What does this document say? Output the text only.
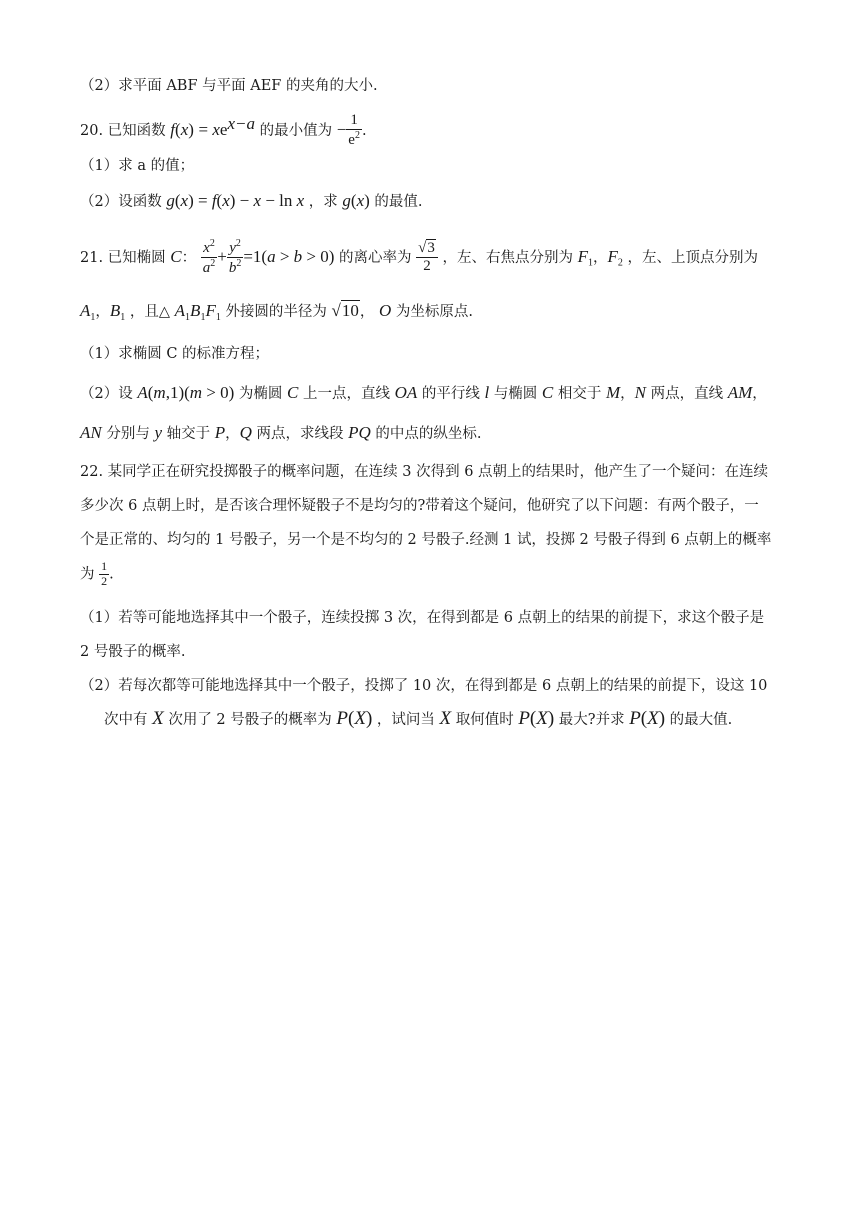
（2）求平面 ABF 与平面 AEF 的夹角的大小.
20. 已知函数 $f(x) = xe^{x-a}$ 的最小值为 − $\frac{1}{e^2}$ .
（1）求 a 的值；
（2）设函数 g(x) = f(x) − x − ln x ，求 g(x) 的最值.
21. 已知椭圆 C： $\frac{x^2}{a^2} + \frac{y^2}{b^2} =1(a > b > 0)$ 的离心率为 $\frac{√3}{2}$ ，左、右焦点分别为 $F_1$，$F_2$ ，左、上顶点分别为
$A_1$，$B_1$ ，且△ $A_1B_1F_1$ 外接圆的半径为 √10， O 为坐标原点.
（1）求椭圆 C 的标准方程；
（2）设 A(m,1)(m > 0) 为椭圆 C 上一点，直线 OA 的平行线 l 与椭圆 C 相交于 M，N 两点，直线 AM，
AN 分别与 y 轴交于 P，Q 两点，求线段 PQ 的中点的纵坐标.
22. 某同学正在研究投掷骰子的概率问题，在连续 3 次得到 6 点朝上的结果时，他产生了一个疑问：在连续
多少次 6 点朝上时，是否该合理怀疑骰子不是均匀的?带着这个疑问，他研究了以下问题：有两个骰子，一
个是正常的、均匀的 1 号骰子，另一个是不均匀的 2 号骰子.经测 1 试，投掷 2 号骰子得到 6 点朝上的概率
为 $\frac{1}{2}$ .
（1）若等可能地选择其中一个骰子，连续投掷 3 次，在得到都是 6 点朝上的结果的前提下，求这个骰子是
2 号骰子的概率.
（2）若每次都等可能地选择其中一个骰子，投掷了 10 次，在得到都是 6 点朝上的结果的前提下，设这 10
次中有 X 次用了 2 号骰子的概率为 P(X) ，试问当 X 取何值时 P(X) 最大?并求 P(X) 的最大值.
